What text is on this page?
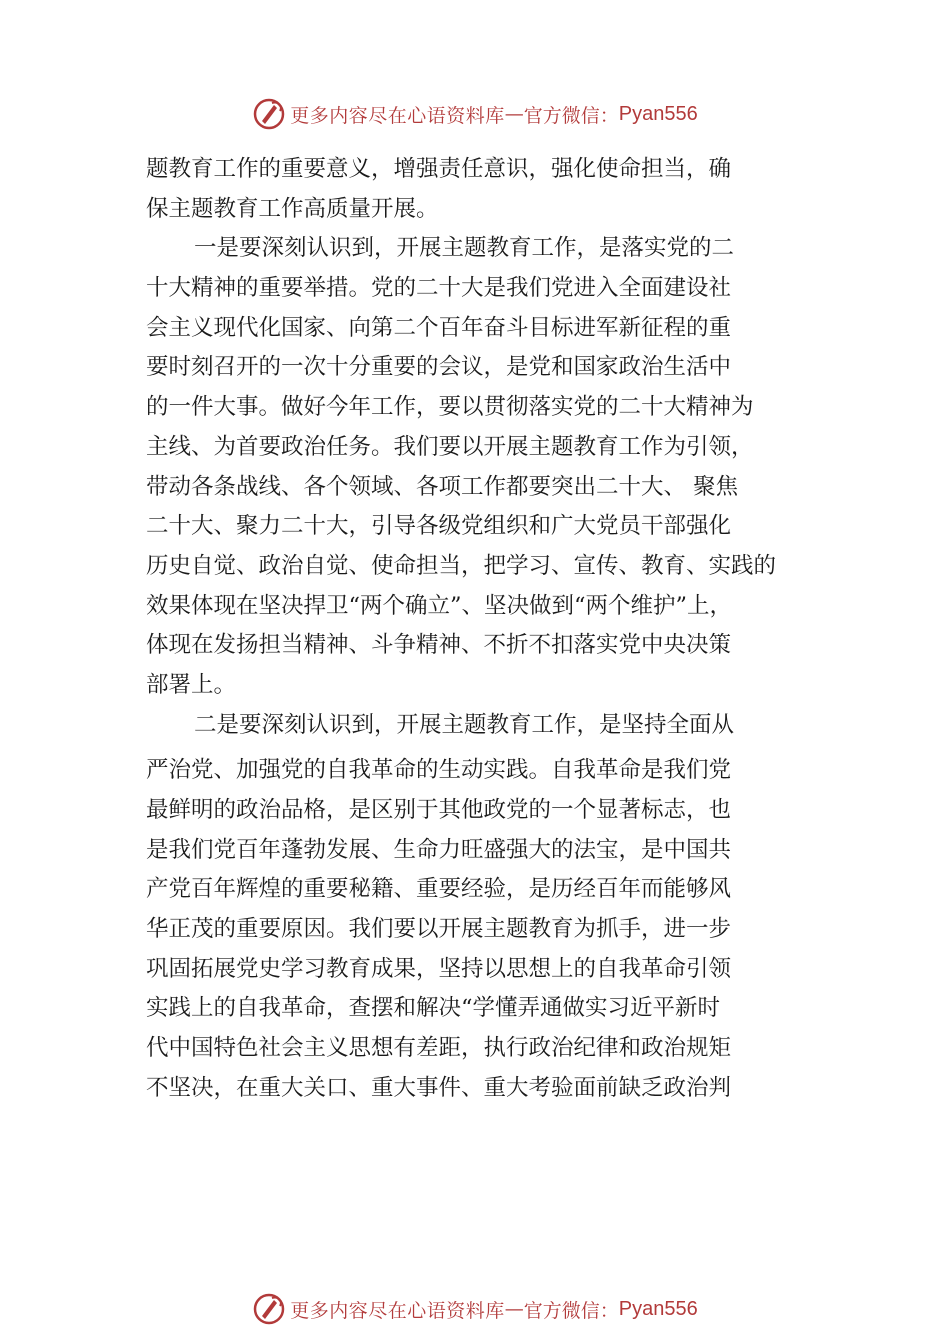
更多内容尽在心语资料库 — 官方微信： Pyan556
题教育工作的重要意义，增强责任意识，强化使命担当，确
保主题教育工作高质量开展。
一是要深刻认识到，开展主题教育工作，是落实党的二
十大精神的重要举措。党的二十大是我们党进入全面建设社
会主义现代化国家、向第二个百年奋斗目标进军新征程的重
要时刻召开的一次十分重要的会议，是党和国家政治生活中
的一件大事。做好今年工作，要以贯彻落实党的二十大精神为
主线、为首要政治任务。我们要以开展主题教育工作为引领，
带动各条战线、各个领域、各项工作都要突出二十大、 聚焦
二十大、聚力二十大，引导各级党组织和广大党员干部强化
历史自觉、政治自觉、使命担当，把学习、宣传、教育、实践的
效果体现在坚决捍卫“两个确立”、坚决做到“两个维护”上，
体现在发扬担当精神、斗争精神、不折不扣落实党中央决策
部署上。
二是要深刻认识到，开展主题教育工作，是坚持全面从
严治党、加强党的自我革命的生动实践。自我革命是我们党
最鲜明的政治品格，是区别于其他政党的一个显著标志，也
是我们党百年蓬勃发展、生命力旺盛强大的法宝，是中国共
产党百年辉煌的重要秘籍、重要经验，是历经百年而能够风
华正茂的重要原因。我们要以开展主题教育为抓手，进一步
巩固拓展党史学习教育成果，坚持以思想上的自我革命引领
实践上的自我革命，查摆和解决“学懂弄通做实习近平新时
代中国特色社会主义思想有差距，执行政治纪律和政治规矩
不坚决，在重大关口、重大事件、重大考验面前缺乏政治判
更多内容尽在心语资料库 — 官方微信： Pyan556
